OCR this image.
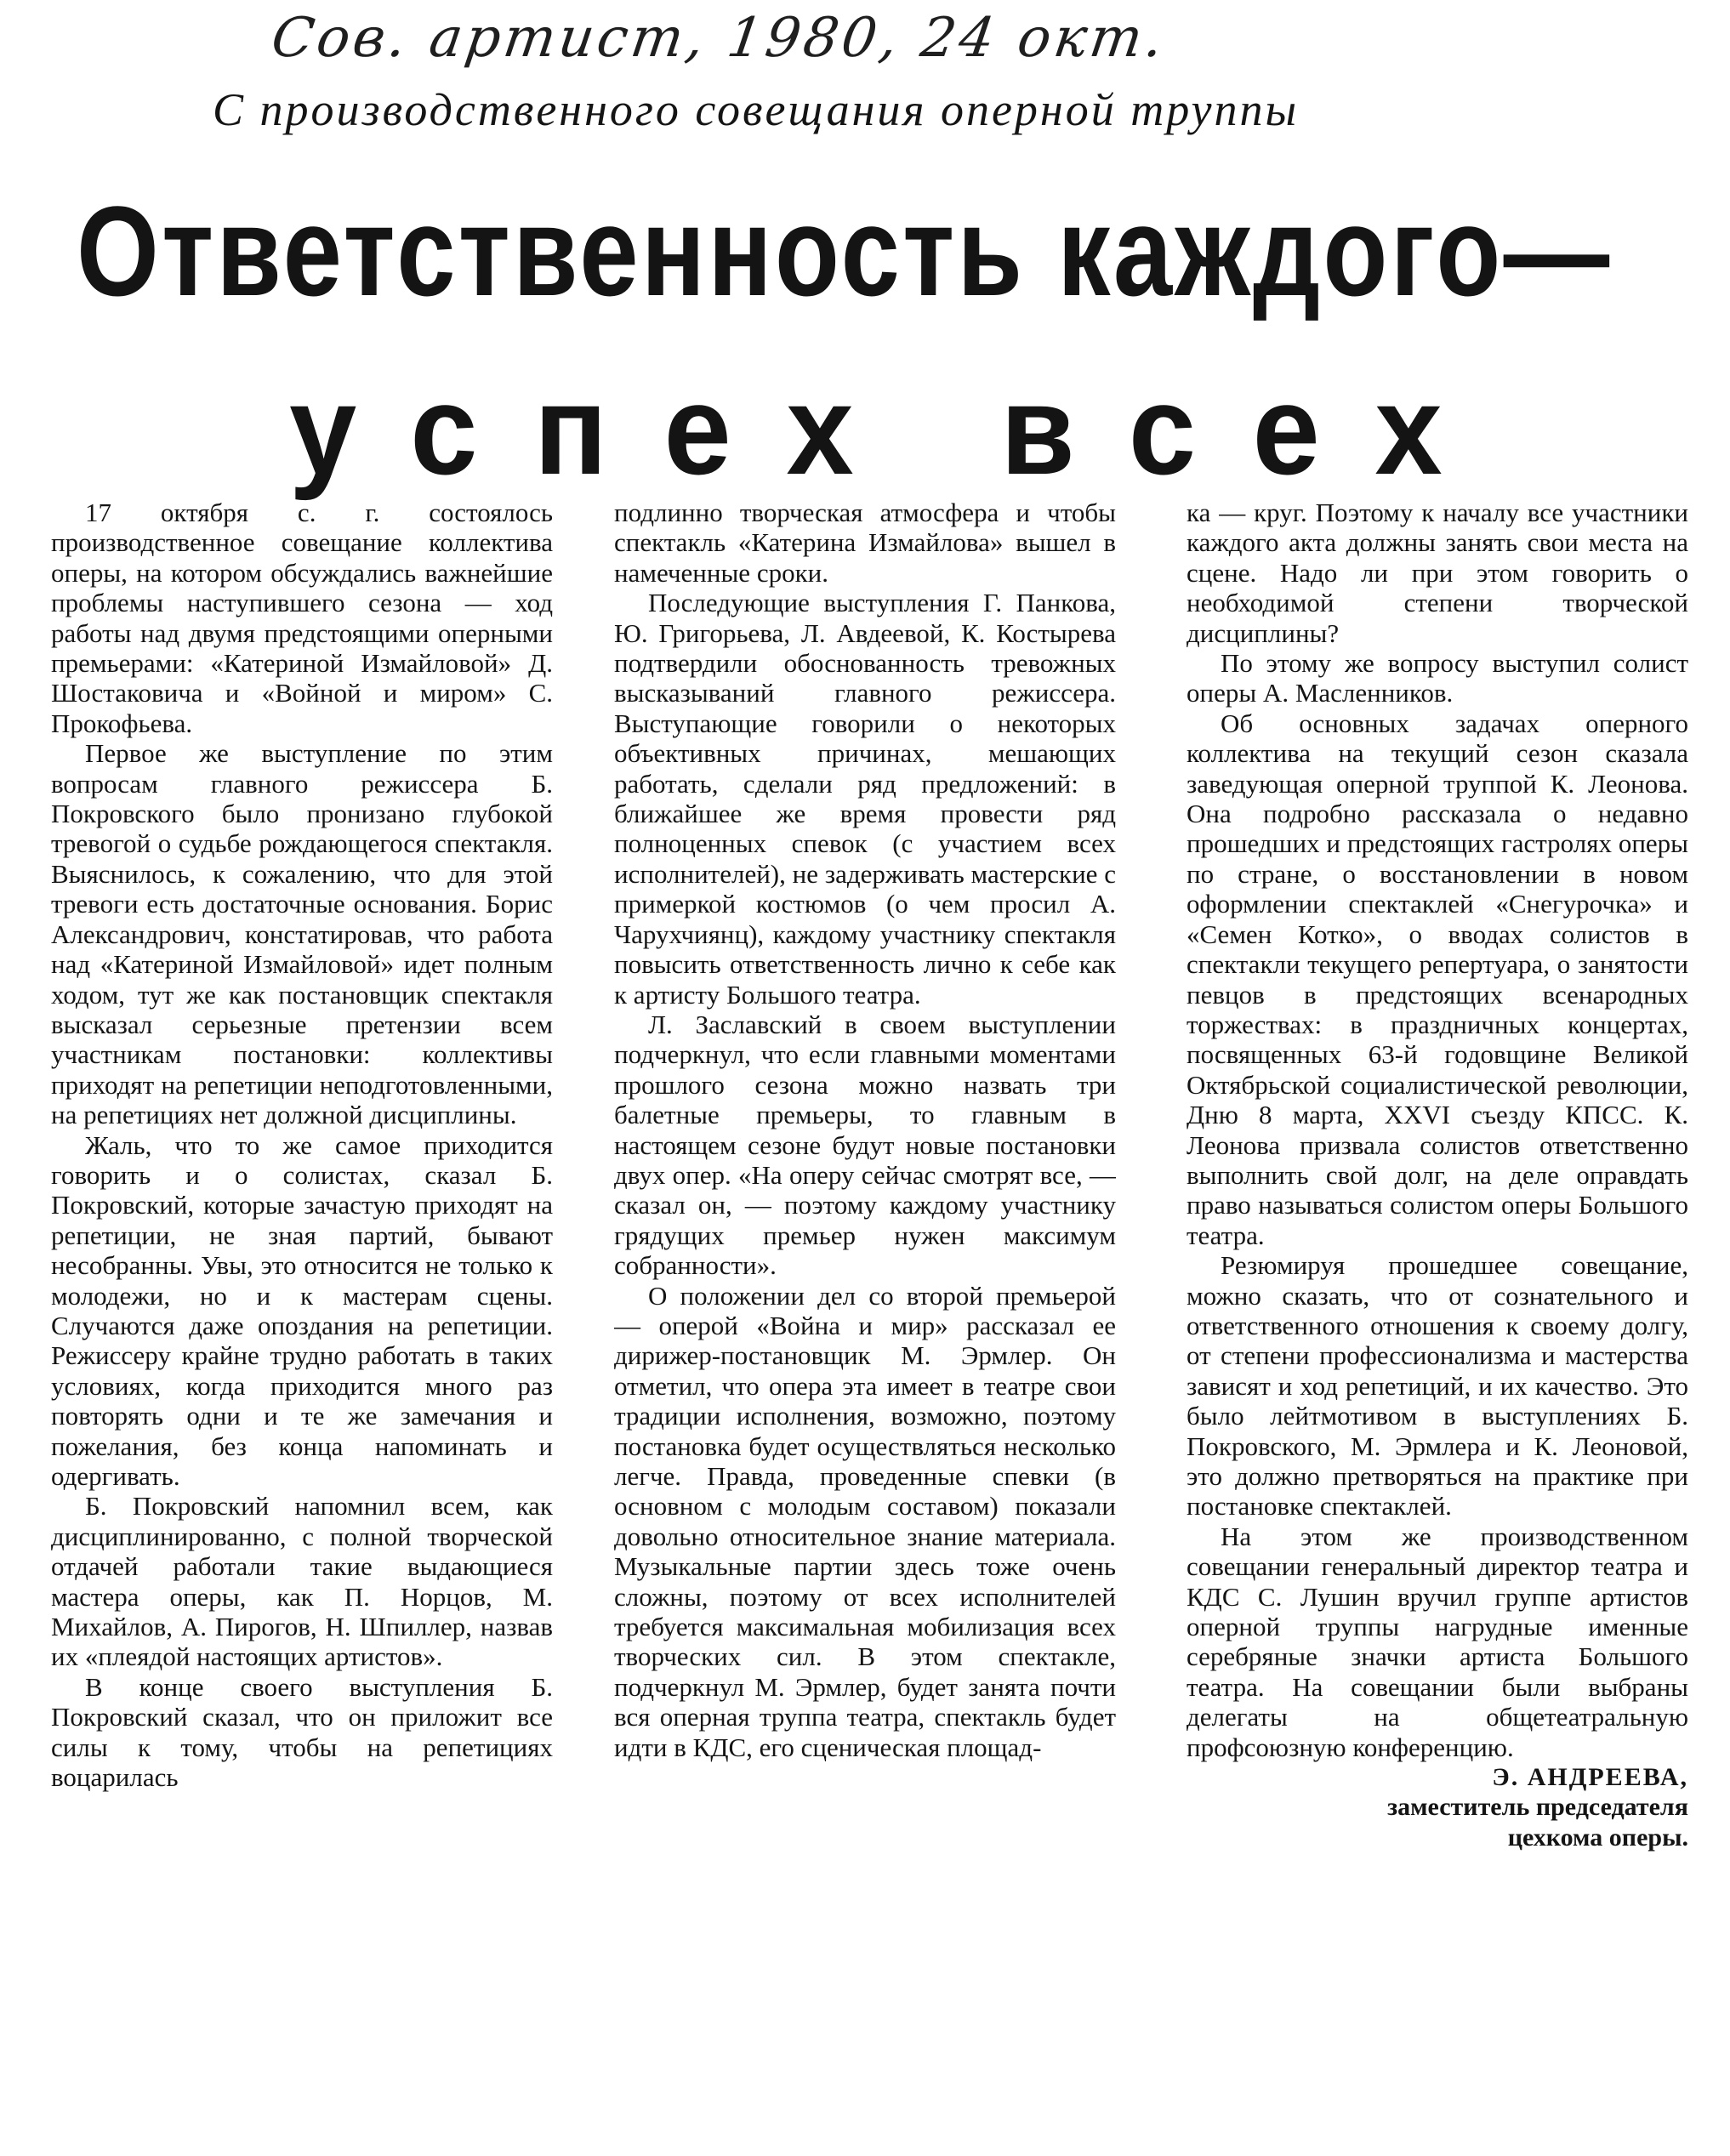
Сов. артист, 1980, 24 окт.
С производственного совещания оперной труппы
Ответственность каждого—
успех всех

17 октября с. г. состоялось производственное совещание коллектива оперы, на котором обсуждались важнейшие проблемы наступившего сезона — ход работы над двумя предстоящими оперными премьерами: «Катериной Измайловой» Д. Шостаковича и «Войной и миром» С. Прокофьева.

Первое же выступление по этим вопросам главного режиссера Б. Покровского было пронизано глубокой тревогой о судьбе рождающегося спектакля. Выяснилось, к сожалению, что для этой тревоги есть достаточные основания. Борис Александрович, констатировав, что работа над «Катериной Измайловой» идет полным ходом, тут же как постановщик спектакля высказал серьезные претензии всем участникам постановки: коллективы приходят на репетиции неподготовленными, на репетициях нет должной дисциплины.

Жаль, что то же самое приходится говорить и о солистах, сказал Б. Покровский, которые зачастую приходят на репетиции, не зная партий, бывают несобранны. Увы, это относится не только к молодежи, но и к мастерам сцены. Случаются даже опоздания на репетиции. Режиссеру крайне трудно работать в таких условиях, когда приходится много раз повторять одни и те же замечания и пожелания, без конца напоминать и одергивать.

Б. Покровский напомнил всем, как дисциплинированно, с полной творческой отдачей работали такие выдающиеся мастера оперы, как П. Норцов, М. Михайлов, А. Пирогов, Н. Шпиллер, назвав их «плеядой настоящих артистов».

В конце своего выступления Б. Покровский сказал, что он приложит все силы к тому, чтобы на репетициях воцарилась

подлинно творческая атмосфера и чтобы спектакль «Катерина Измайлова» вышел в намеченные сроки.

Последующие выступления Г. Панкова, Ю. Григорьева, Л. Авдеевой, К. Костырева подтвердили обоснованность тревожных высказываний главного режиссера. Выступающие говорили о некоторых объективных причинах, мешающих работать, сделали ряд предложений: в ближайшее же время провести ряд полноценных спевок (с участием всех исполнителей), не задерживать мастерские с примеркой костюмов (о чем просил А. Чарухчиянц), каждому участнику спектакля повысить ответственность лично к себе как к артисту Большого театра.

Л. Заславский в своем выступлении подчеркнул, что если главными моментами прошлого сезона можно назвать три балетные премьеры, то главным в настоящем сезоне будут новые постановки двух опер. «На оперу сейчас смотрят все, — сказал он, — поэтому каждому участнику грядущих премьер нужен максимум собранности».

О положении дел со второй премьерой — оперой «Война и мир» рассказал ее дирижер-постановщик М. Эрмлер. Он отметил, что опера эта имеет в театре свои традиции исполнения, возможно, поэтому постановка будет осуществляться несколько легче. Правда, проведенные спевки (в основном с молодым составом) показали довольно относительное знание материала. Музыкальные партии здесь тоже очень сложны, поэтому от всех исполнителей требуется максимальная мобилизация всех творческих сил. В этом спектакле, подчеркнул М. Эрмлер, будет занята почти вся оперная труппа театра, спектакль будет идти в КДС, его сценическая площад-

ка — круг. Поэтому к началу все участники каждого акта должны занять свои места на сцене. Надо ли при этом говорить о необходимой степени творческой дисциплины?

По этому же вопросу выступил солист оперы А. Масленников.

Об основных задачах оперного коллектива на текущий сезон сказала заведующая оперной труппой К. Леонова. Она подробно рассказала о недавно прошедших и предстоящих гастролях оперы по стране, о восстановлении в новом оформлении спектаклей «Снегурочка» и «Семен Котко», о вводах солистов в спектакли текущего репертуара, о занятости певцов в предстоящих всенародных торжествах: в праздничных концертах, посвященных 63-й годовщине Великой Октябрьской социалистической революции, Дню 8 марта, XXVI съезду КПСС. К. Леонова призвала солистов ответственно выполнить свой долг, на деле оправдать право называться солистом оперы Большого театра.

Резюмируя прошедшее совещание, можно сказать, что от сознательного и ответственного отношения к своему долгу, от степени профессионализма и мастерства зависят и ход репетиций, и их качество. Это было лейтмотивом в выступлениях Б. Покровского, М. Эрмлера и К. Леоновой, это должно претворяться на практике при постановке спектаклей.

На этом же производственном совещании генеральный директор театра и КДС С. Лушин вручил группе артистов оперной труппы нагрудные именные серебряные значки артиста Большого театра. На совещании были выбраны делегаты на общетеатральную профсоюзную конференцию.

Э. АНДРЕЕВА,
заместитель председателя
цехкома оперы.
